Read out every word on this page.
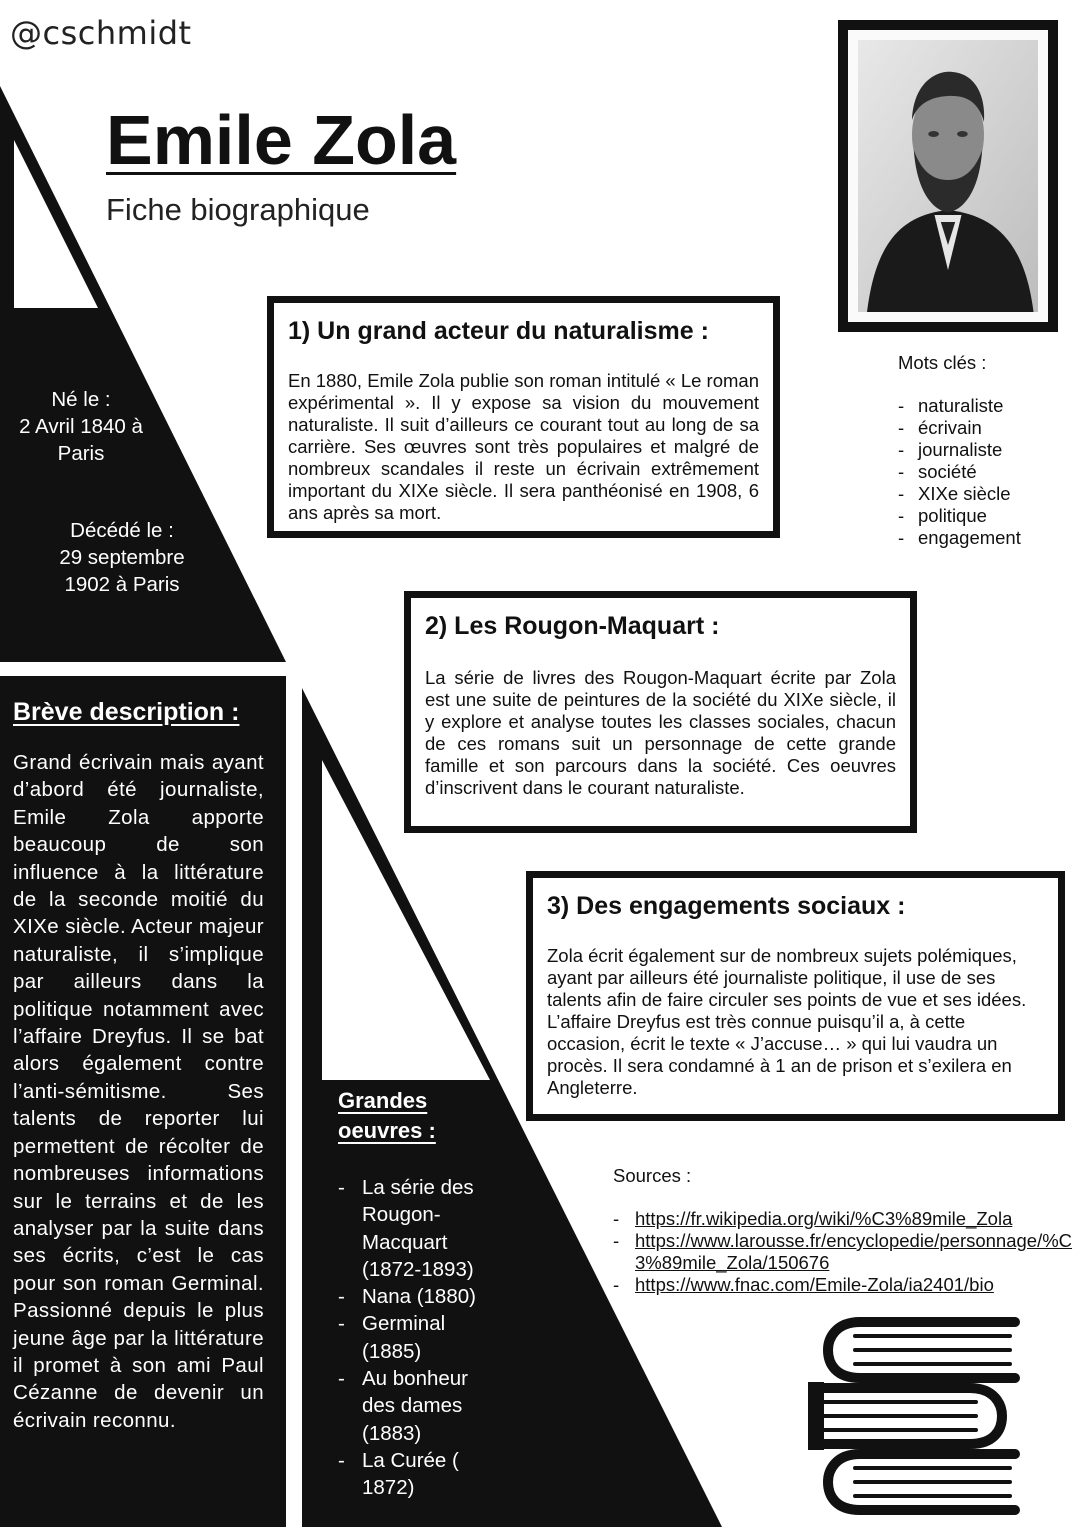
@cschmidt
Emile Zola
Fiche biographique
Né le :
2 Avril 1840 à
Paris
Décédé le :
29 septembre
1902 à Paris
1) Un grand acteur du naturalisme :

En 1880, Emile Zola publie son roman intitulé « Le roman expérimental ». Il y expose sa vision du mouvement naturaliste. Il suit d’ailleurs ce courant tout au long de sa carrière. Ses œuvres sont très populaires et malgré de nombreux scandales il reste un écrivain extrêmement important du XIXe siècle. Il sera panthéonisé en 1908, 6 ans après sa mort.

Mots clés :
- naturaliste
- écrivain
- journaliste
- société
- XIXe siècle
- politique
- engagement
2) Les Rougon-Maquart :

La série de livres des Rougon-Maquart écrite par Zola est une suite de peintures de la société du XIXe siècle, il y explore et analyse toutes les classes sociales, chacun de ces romans suit un personnage de cette grande famille et son parcours dans la société. Ces oeuvres d’inscrivent dans le courant naturaliste.

3) Des engagements sociaux :

Zola écrit également sur de nombreux sujets polémiques, ayant par ailleurs été journaliste politique, il use de ses talents afin de faire circuler ses points de vue et ses idées. L’affaire Dreyfus est très connue puisqu’il a, à cette occasion, écrit le texte « J’accuse… » qui lui vaudra un procès. Il sera condamné à 1 an de prison et s’exilera en Angleterre.

Brève description :

Grand écrivain mais ayant d’abord été journaliste, Emile Zola apporte beaucoup de son influence à la littérature de la seconde moitié du XIXe siècle. Acteur majeur naturaliste, il s’implique par ailleurs dans la politique notamment avec l’affaire Dreyfus. Il se bat alors également contre l’anti-sémitisme. Ses talents de reporter lui permettent de récolter de nombreuses informations sur le terrains et de les analyser par la suite dans ses écrits, c’est le cas pour son roman Germinal. Passionné depuis le plus jeune âge par la littérature il promet à son ami Paul Cézanne de devenir un écrivain reconnu.

Grandes
oeuvres :
- La série des Rougon-Macquart (1872-1893)
- Nana (1880)
- Germinal (1885)
- Au bonheur des dames (1883)
- La Curée ( 1872)
Sources :
- https://fr.wikipedia.org/wiki/%C3%89mile_Zola
- https://www.larousse.fr/encyclopedie/personnage/%C3%89mile_Zola/150676
- https://www.fnac.com/Emile-Zola/ia2401/bio
